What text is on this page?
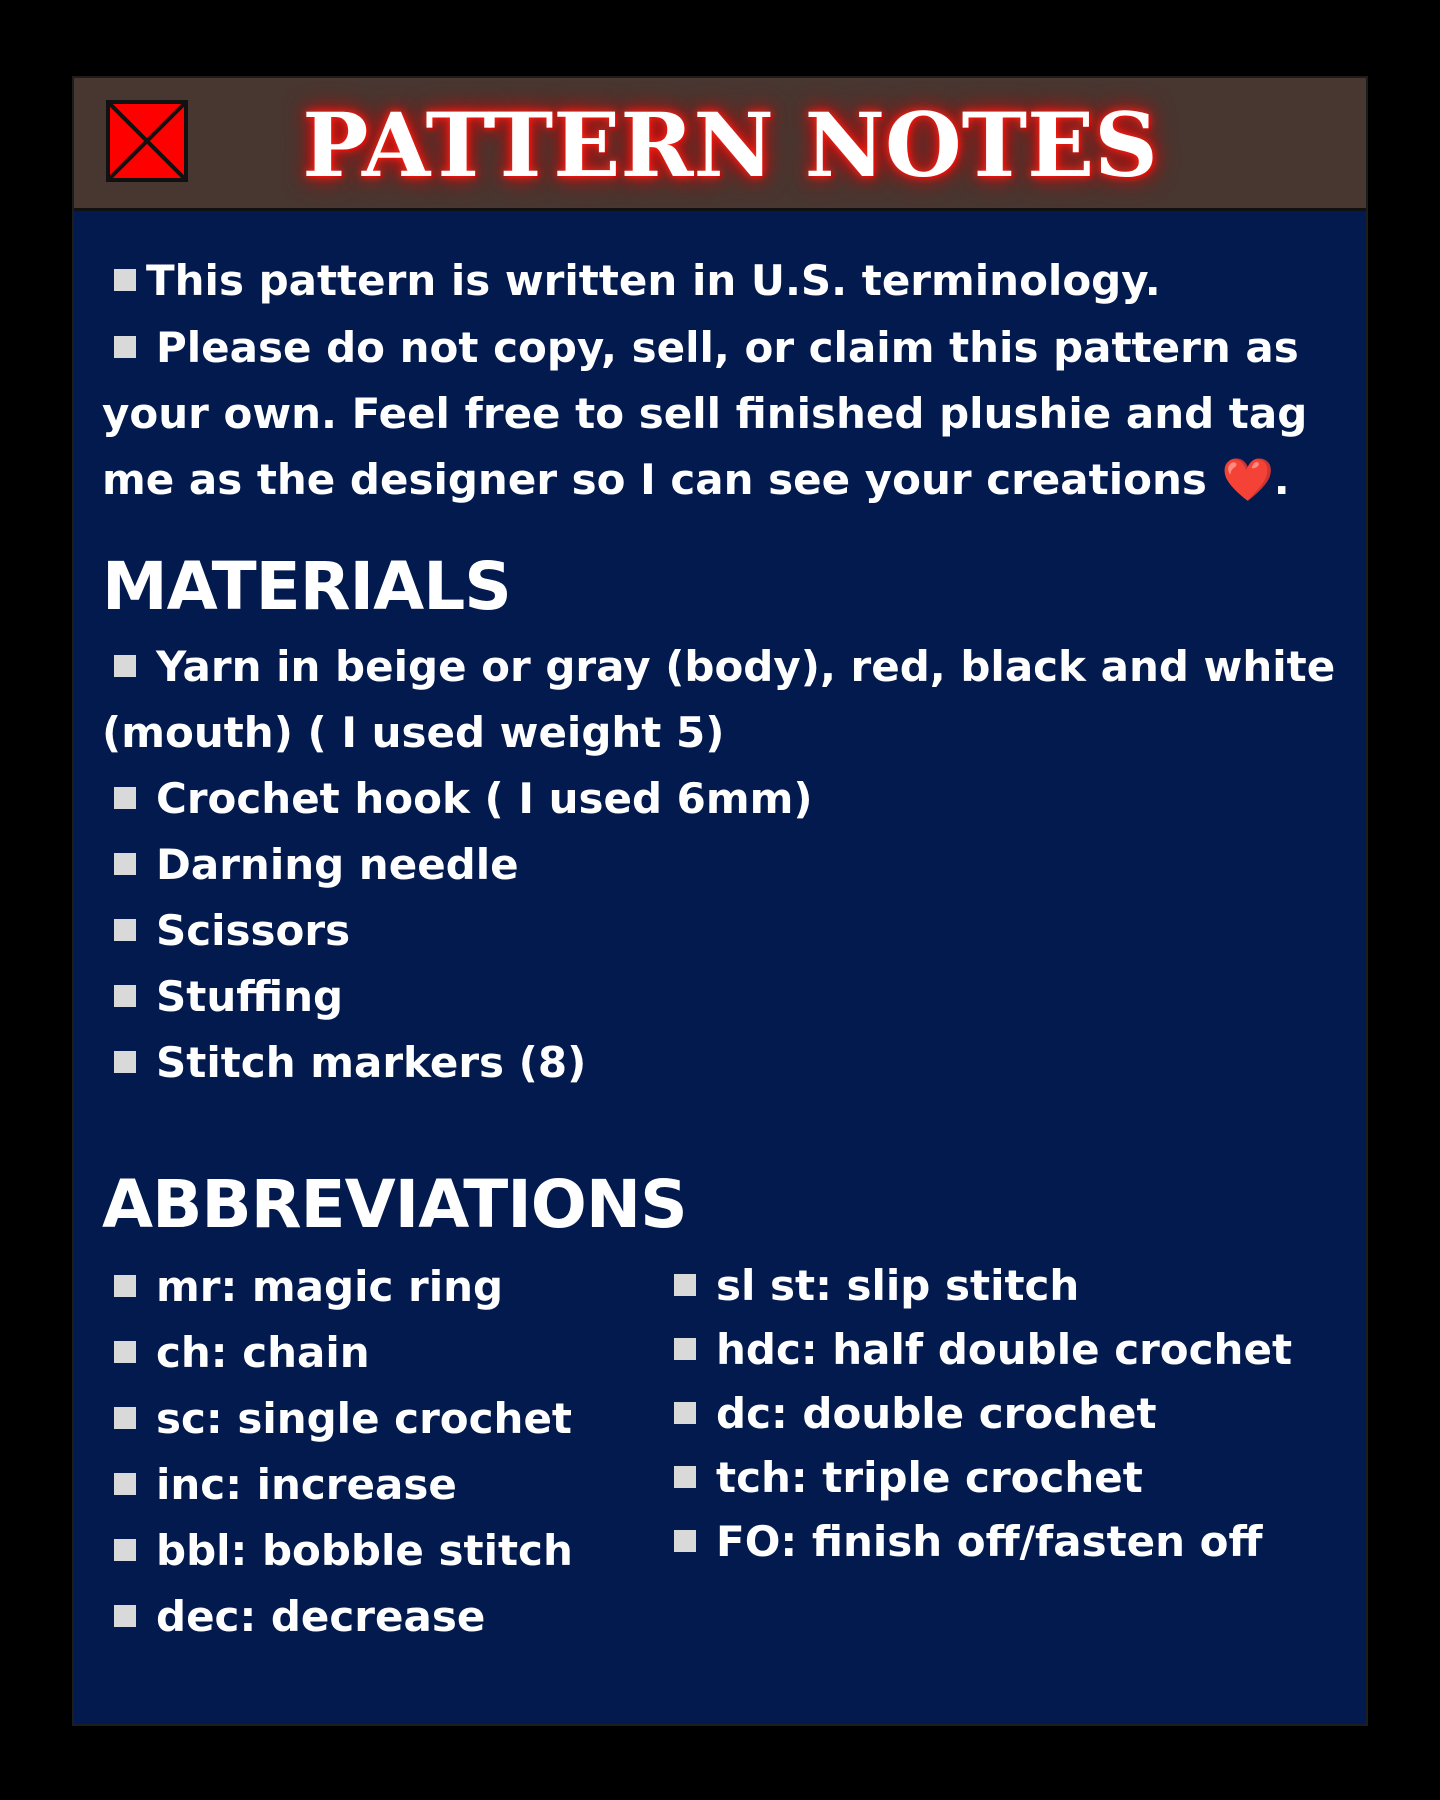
PATTERN NOTES
This pattern is written in U.S. terminology.
Please do not copy, sell, or claim this pattern as your own. Feel free to sell finished plushie and tag me as the designer so I can see your creations ❤️.
MATERIALS
Yarn in beige or gray (body), red, black and white (mouth) ( I used weight 5)
Crochet hook ( I used 6mm)
Darning needle
Scissors
Stuffing
Stitch markers (8)
ABBREVIATIONS
mr: magic ring
ch: chain
sc: single crochet
inc: increase
bbl: bobble stitch
dec: decrease
sl st: slip stitch
hdc: half double crochet
dc: double crochet
tch: triple crochet
FO: finish off/fasten off
